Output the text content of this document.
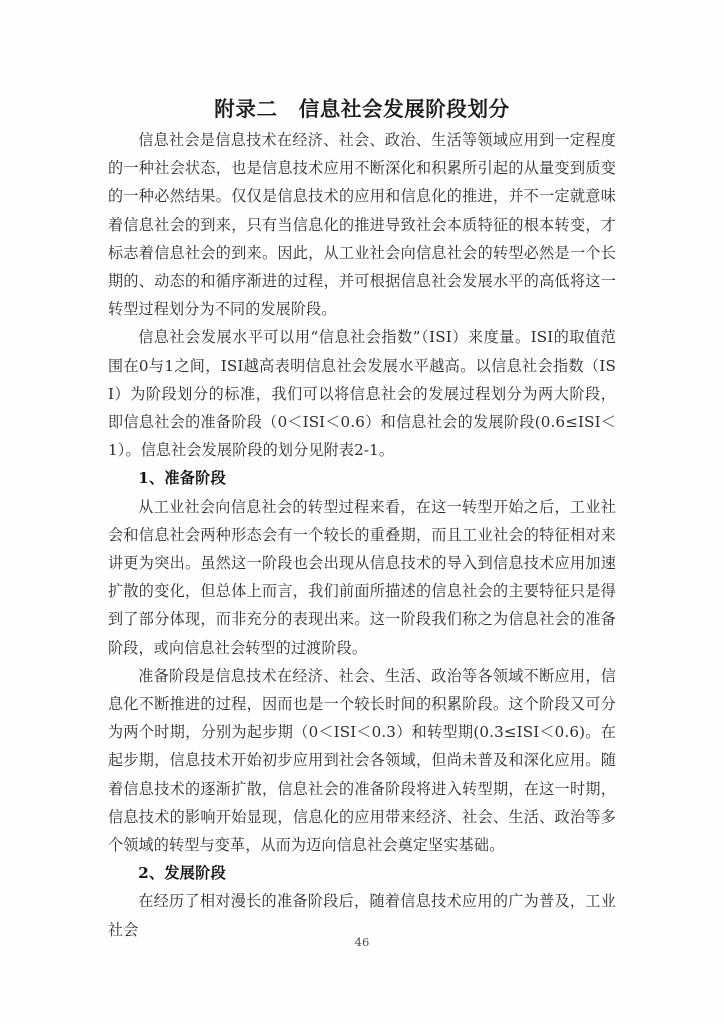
附录二　信息社会发展阶段划分

信息社会是信息技术在经济、社会、政治、生活等领域应用到一定程度的一种社会状态，也是信息技术应用不断深化和积累所引起的从量变到质变的一种必然结果。仅仅是信息技术的应用和信息化的推进，并不一定就意味着信息社会的到来，只有当信息化的推进导致社会本质特征的根本转变，才标志着信息社会的到来。因此，从工业社会向信息社会的转型必然是一个长期的、动态的和循序渐进的过程，并可根据信息社会发展水平的高低将这一转型过程划分为不同的发展阶段。

信息社会发展水平可以用“信息社会指数”（ISI）来度量。ISI的取值范围在0与1之间，ISI越高表明信息社会发展水平越高。以信息社会指数（ISI）为阶段划分的标准，我们可以将信息社会的发展过程划分为两大阶段，即信息社会的准备阶段（0＜ISI＜0.6）和信息社会的发展阶段(0.6≤ISI＜1）。信息社会发展阶段的划分见附表2-1。

1、准备阶段

从工业社会向信息社会的转型过程来看，在这一转型开始之后，工业社会和信息社会两种形态会有一个较长的重叠期，而且工业社会的特征相对来讲更为突出。虽然这一阶段也会出现从信息技术的导入到信息技术应用加速扩散的变化，但总体上而言，我们前面所描述的信息社会的主要特征只是得到了部分体现，而非充分的表现出来。这一阶段我们称之为信息社会的准备阶段，或向信息社会转型的过渡阶段。

准备阶段是信息技术在经济、社会、生活、政治等各领域不断应用，信息化不断推进的过程，因而也是一个较长时间的积累阶段。这个阶段又可分为两个时期，分别为起步期（0＜ISI＜0.3）和转型期(0.3≤ISI＜0.6)。在起步期，信息技术开始初步应用到社会各领域，但尚未普及和深化应用。随着信息技术的逐渐扩散，信息社会的准备阶段将进入转型期，在这一时期，信息技术的影响开始显现，信息化的应用带来经济、社会、生活、政治等多个领域的转型与变革，从而为迈向信息社会奠定坚实基础。

2、发展阶段

在经历了相对漫长的准备阶段后，随着信息技术应用的广为普及，工业社会

46
